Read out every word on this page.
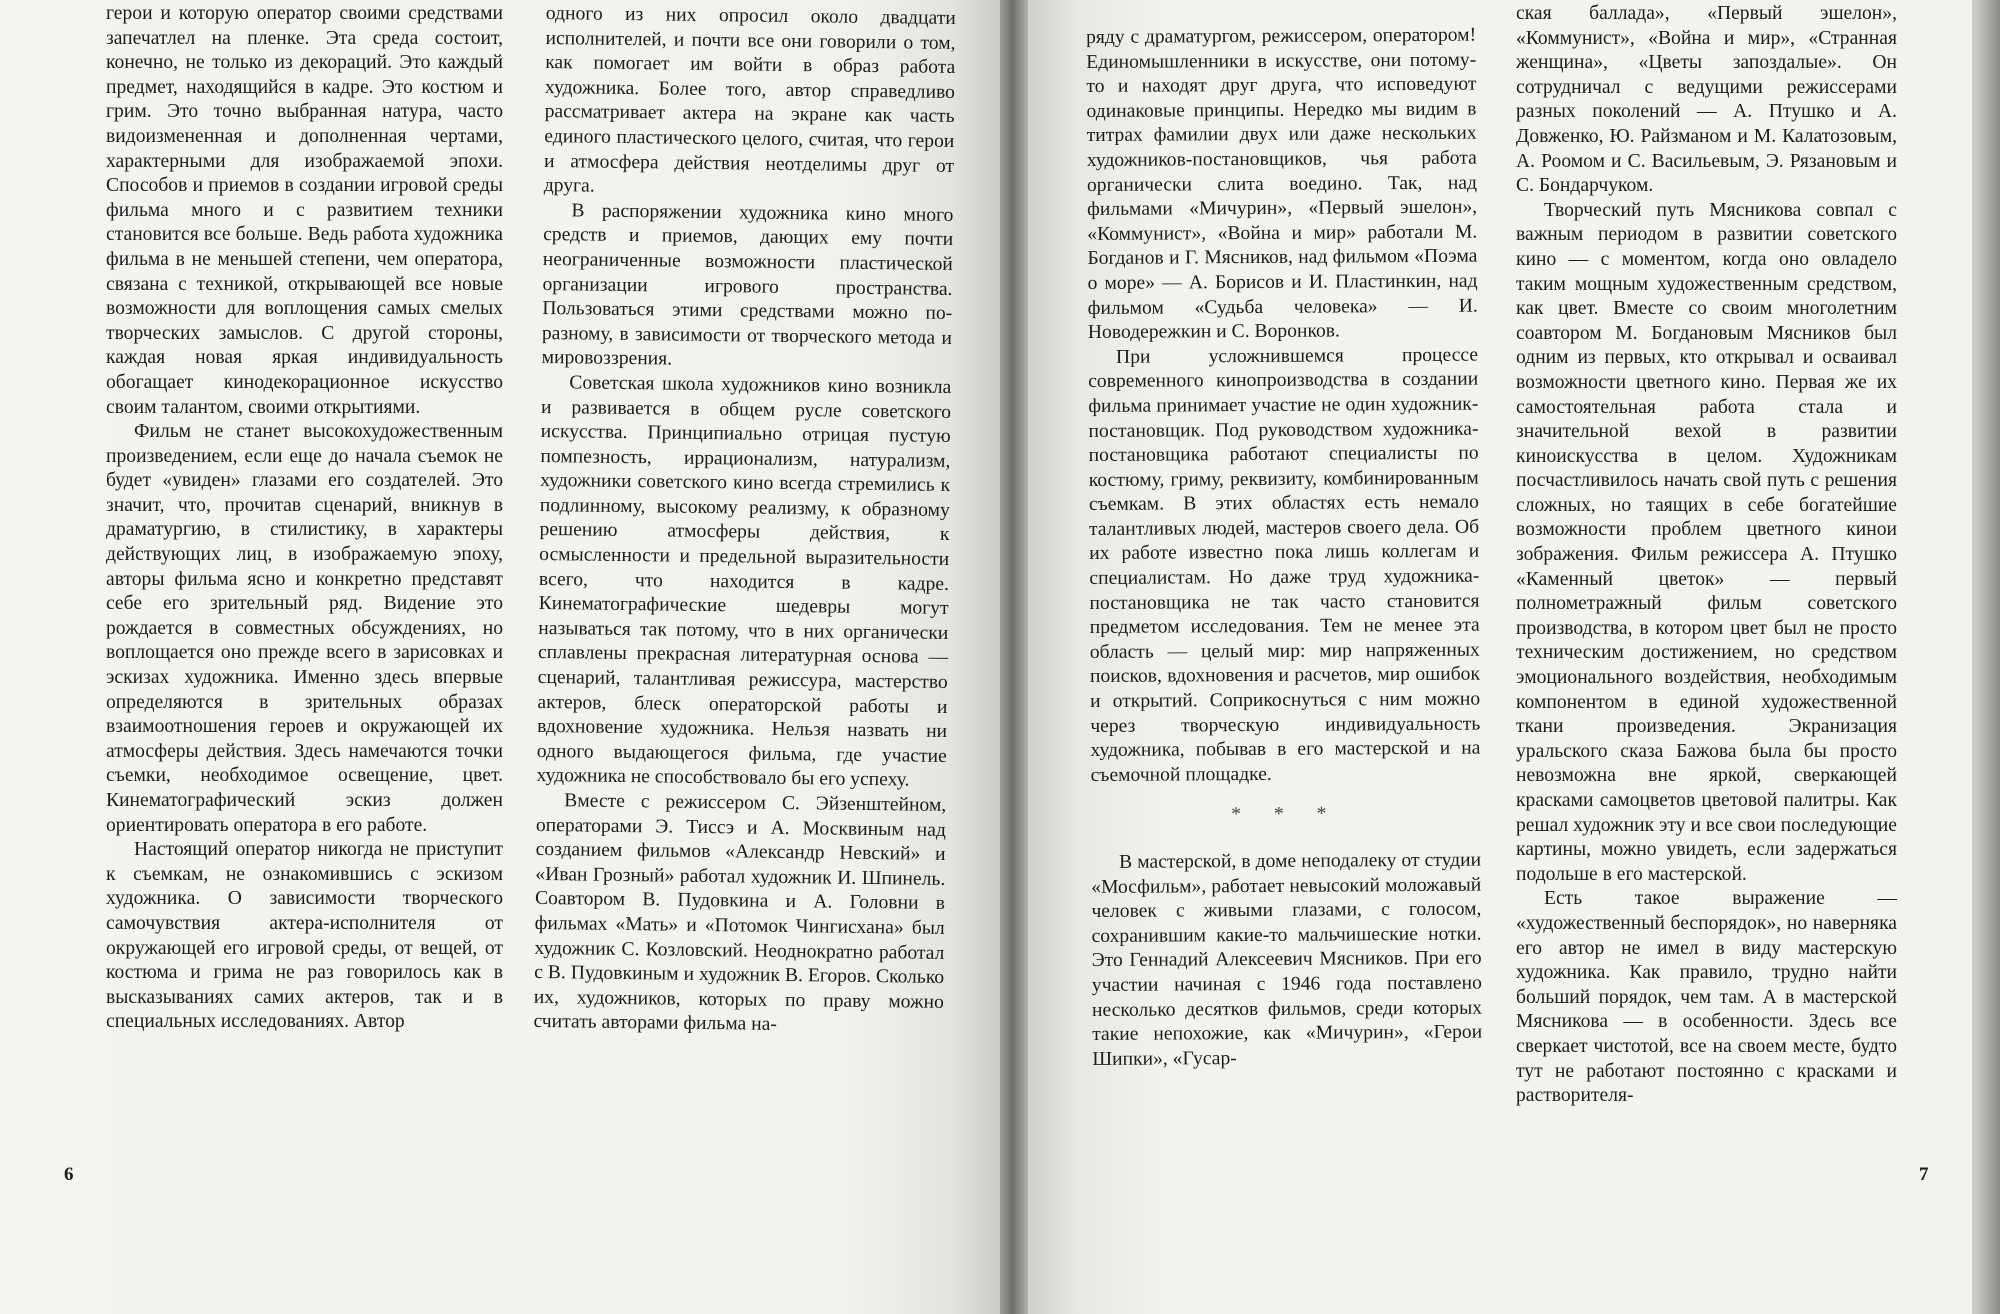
герои и которую оператор своими средствами запечатлел на пленке. Эта среда состоит, конечно, не только из декораций. Это каждый предмет, находящийся в кадре. Это костюм и грим. Это точно выбранная натура, часто видоизмененная и дополненная чертами, характерными для изображаемой эпохи. Способов и приемов в создании игровой среды фильма много и с развитием техники становится все больше. Ведь работа художника фильма в не меньшей степени, чем оператора, связана с техникой, открывающей все новые возможности для воплощения самых смелых творческих замыслов. С другой стороны, каждая новая яркая индивидуальность обогащает кинодекорационное искусство своим талантом, своими открытиями.

Фильм не станет высокохудожественным произведением, если еще до начала съемок не будет «увиден» глазами его создателей. Это значит, что, прочитав сценарий, вникнув в драматургию, в стилистику, в характеры действующих лиц, в изображаемую эпоху, авторы фильма ясно и конкретно представят себе его зрительный ряд. Видение это рождается в совместных обсуждениях, но воплощается оно прежде всего в зарисовках и эскизах художника. Именно здесь впервые определяются в зрительных образах взаимоотношения героев и окружающей их атмосферы действия. Здесь намечаются точки съемки, необходимое освещение, цвет. Кинематографический эскиз должен ориентировать оператора в его работе.

Настоящий оператор никогда не приступит к съемкам, не ознакомившись с эскизом художника. О зависимости творческого самочувствия актера-исполнителя от окружающей его игровой среды, от вещей, от костюма и грима не раз говорилось как в высказываниях самих актеров, так и в специальных исследованиях. Автор

одного из них опросил около двадцати исполнителей, и почти все они говорили о том, как помогает им войти в образ работа художника. Более того, автор справедливо рассматривает актера на экране как часть единого пластического целого, считая, что герои и атмосфера действия неотделимы друг от друга.

В распоряжении художника кино много средств и приемов, дающих ему почти неограниченные возможности пластической организации игрового пространства. Пользоваться этими средствами можно по-разному, в зависимости от творческого метода и мировоззрения.

Советская школа художников кино возникла и развивается в общем русле советского искусства. Принципиально отрицая пустую помпезность, иррационализм, натурализм, художники советского кино всегда стремились к подлинному, высокому реализму, к образному решению атмосферы действия, к осмысленности и предельной выразительности всего, что находится в кадре. Кинематографические шедевры могут называться так потому, что в них органически сплавлены прекрасная литературная основа — сценарий, талантливая режиссура, мастерство актеров, блеск операторской работы и вдохновение художника. Нельзя назвать ни одного выдающегося фильма, где участие художника не способствовало бы его успеху.

Вместе с режиссером С. Эйзенштейном, операторами Э. Тиссэ и А. Москвиным над созданием фильмов «Александр Невский» и «Иван Грозный» работал художник И. Шпинель. Соавтором В. Пудовкина и А. Головни в фильмах «Мать» и «Потомок Чингисхана» был художник С. Козловский. Неоднократно работал с В. Пудовкиным и художник В. Егоров. Сколько их, художников, которых по праву можно считать авторами фильма на-

6

ряду с драматургом, режиссером, оператором! Единомышленники в искусстве, они потому-то и находят друг друга, что исповедуют одинаковые принципы. Нередко мы видим в титрах фамилии двух или даже нескольких художников-постановщиков, чья работа органически слита воедино. Так, над фильмами «Мичурин», «Первый эшелон», «Коммунист», «Война и мир» работали М. Богданов и Г. Мясников, над фильмом «Поэма о море» — А. Борисов и И. Пластинкин, над фильмом «Судьба человека» — И. Новодережкин и С. Воронков.

При усложнившемся процессе современного кинопроизводства в создании фильма принимает участие не один художник-постановщик. Под руководством художника-постановщика работают специалисты по костюму, гриму, реквизиту, комбинированным съемкам. В этих областях есть немало талантливых людей, мастеров своего дела. Об их работе известно пока лишь коллегам и специалистам. Но даже труд художника-постановщика не так часто становится предметом исследования. Тем не менее эта область — целый мир: мир напряженных поисков, вдохновения и расчетов, мир ошибок и открытий. Соприкоснуться с ним можно через творческую индивидуальность художника, побывав в его мастерской и на съемочной площадке.

* * *

В мастерской, в доме неподалеку от студии «Мосфильм», работает невысокий моложавый человек с живыми глазами, с голосом, сохранившим какие-то мальчишеские нотки. Это Геннадий Алексеевич Мясников. При его участии начиная с 1946 года поставлено несколько десятков фильмов, среди которых такие непохожие, как «Мичурин», «Герои Шипки», «Гусар-

ская баллада», «Первый эшелон», «Коммунист», «Война и мир», «Странная женщина», «Цветы запоздалые». Он сотрудничал с ведущими режиссерами разных поколений — А. Птушко и А. Довженко, Ю. Райзманом и М. Калатозовым, А. Роомом и С. Васильевым, Э. Рязановым и С. Бондарчуком.

Творческий путь Мясникова совпал с важным периодом в развитии советского кино — с моментом, когда оно овладело таким мощным художественным средством, как цвет. Вместе со своим многолетним соавтором М. Богдановым Мясников был одним из первых, кто открывал и осваивал возможности цветного кино. Первая же их самостоятельная работа стала и значительной вехой в развитии киноискусства в целом. Художникам посчастливилось начать свой путь с решения сложных, но таящих в себе богатейшие возможности проблем цветного кинои зображения. Фильм режиссера А. Птушко «Каменный цветок» — первый полнометражный фильм советского производства, в котором цвет был не просто техническим достижением, но средством эмоционального воздействия, необходимым компонентом в единой художественной ткани произведения. Экранизация уральского сказа Бажова была бы просто невозможна вне яркой, сверкающей красками самоцветов цветовой палитры. Как решал художник эту и все свои последующие картины, можно увидеть, если задержаться подольше в его мастерской.

Есть такое выражение — «художественный беспорядок», но наверняка его автор не имел в виду мастерскую художника. Как правило, трудно найти больший порядок, чем там. А в мастерской Мясникова — в особенности. Здесь все сверкает чистотой, все на своем месте, будто тут не работают постоянно с красками и растворителя-

7
